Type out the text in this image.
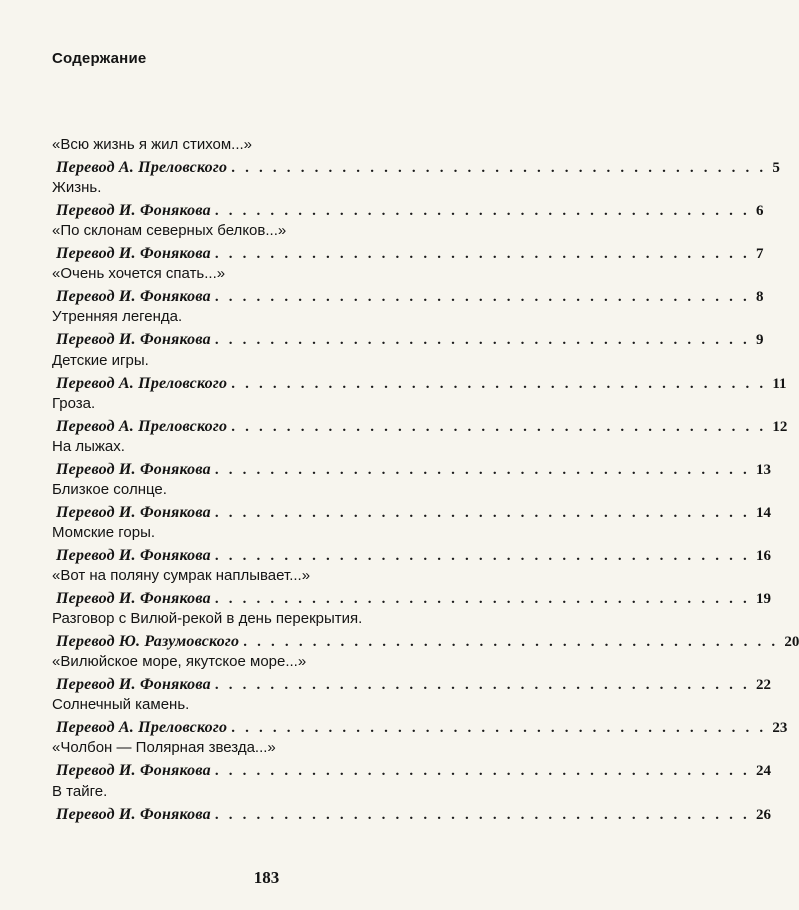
Содержание
«Всю жизнь я жил стихом...»
Перевод А. Преловского . . . . . . . . . . . . . . . . . . . . . . . . . . . . . . . . . . . . . . . 5
Жизнь.
Перевод И. Фонякова . . . . . . . . . . . . . . . . . . . . . . . . . . . . . . . . . . . . . . . 6
«По склонам северных белков...»
Перевод И. Фонякова . . . . . . . . . . . . . . . . . . . . . . . . . . . . . . . . . . . . . . . 7
«Очень хочется спать...»
Перевод И. Фонякова . . . . . . . . . . . . . . . . . . . . . . . . . . . . . . . . . . . . . . . 8
Утренняя легенда.
Перевод И. Фонякова . . . . . . . . . . . . . . . . . . . . . . . . . . . . . . . . . . . . . . . 9
Детские игры.
Перевод А. Преловского . . . . . . . . . . . . . . . . . . . . . . . . . . . . . . . . . . . . . . . 11
Гроза.
Перевод А. Преловского . . . . . . . . . . . . . . . . . . . . . . . . . . . . . . . . . . . . . . . 12
На лыжах.
Перевод И. Фонякова . . . . . . . . . . . . . . . . . . . . . . . . . . . . . . . . . . . . . . . 13
Близкое солнце.
Перевод И. Фонякова . . . . . . . . . . . . . . . . . . . . . . . . . . . . . . . . . . . . . . . 14
Момские горы.
Перевод И. Фонякова . . . . . . . . . . . . . . . . . . . . . . . . . . . . . . . . . . . . . . . 16
«Вот на поляну сумрак наплывает...»
Перевод И. Фонякова . . . . . . . . . . . . . . . . . . . . . . . . . . . . . . . . . . . . . . . 19
Разговор с Вилюй-рекой в день перекрытия.
Перевод Ю. Разумовского . . . . . . . . . . . . . . . . . . . . . . . . . . . . . . . . . . . . . . . 20
«Вилюйское море, якутское море...»
Перевод И. Фонякова . . . . . . . . . . . . . . . . . . . . . . . . . . . . . . . . . . . . . . . 22
Солнечный камень.
Перевод А. Преловского . . . . . . . . . . . . . . . . . . . . . . . . . . . . . . . . . . . . . . . 23
«Чолбон — Полярная звезда...»
Перевод И. Фонякова . . . . . . . . . . . . . . . . . . . . . . . . . . . . . . . . . . . . . . . 24
В тайге.
Перевод И. Фонякова . . . . . . . . . . . . . . . . . . . . . . . . . . . . . . . . . . . . . . . 26
183
